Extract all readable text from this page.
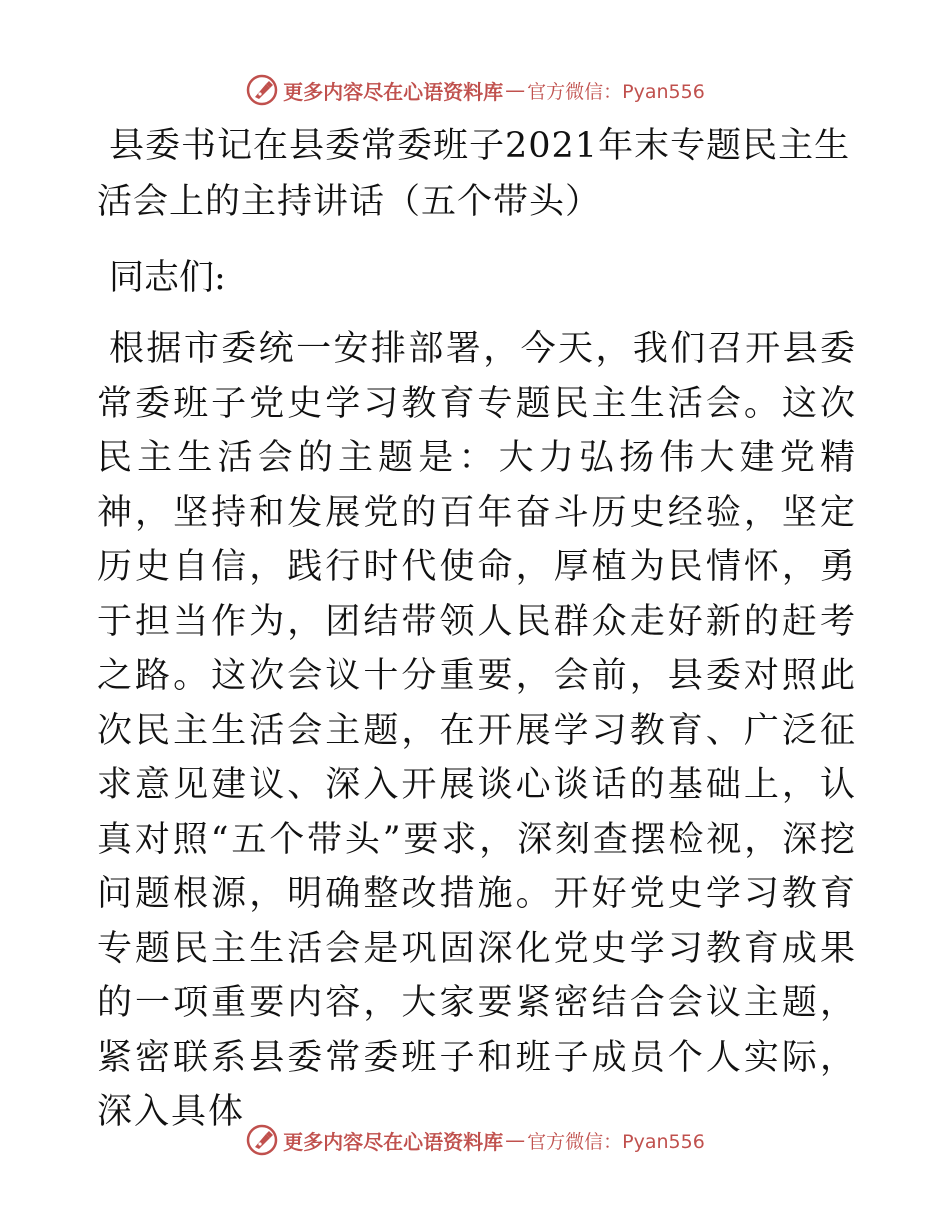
更多内容尽在心语资料库 — 官方微信：Pyan556
县委书记在县委常委班子2021年末专题民主生活会上的主持讲话（五个带头）

同志们:

根据市委统一安排部署，今天，我们召开县委常委班子党史学习教育专题民主生活会。这次民主生活会的主题是：大力弘扬伟大建党精神，坚持和发展党的百年奋斗历史经验，坚定历史自信，践行时代使命，厚植为民情怀，勇于担当作为，团结带领人民群众走好新的赶考之路。这次会议十分重要，会前，县委对照此次民主生活会主题，在开展学习教育、广泛征求意见建议、深入开展谈心谈话的基础上，认真对照“五个带头”要求，深刻查摆检视，深挖问题根源，明确整改措施。开好党史学习教育专题民主生活会是巩固深化党史学习教育成果的一项重要内容，大家要紧密结合会议主题，紧密联系县委常委班子和班子成员个人实际，深入具体

更多内容尽在心语资料库 — 官方微信：Pyan556
